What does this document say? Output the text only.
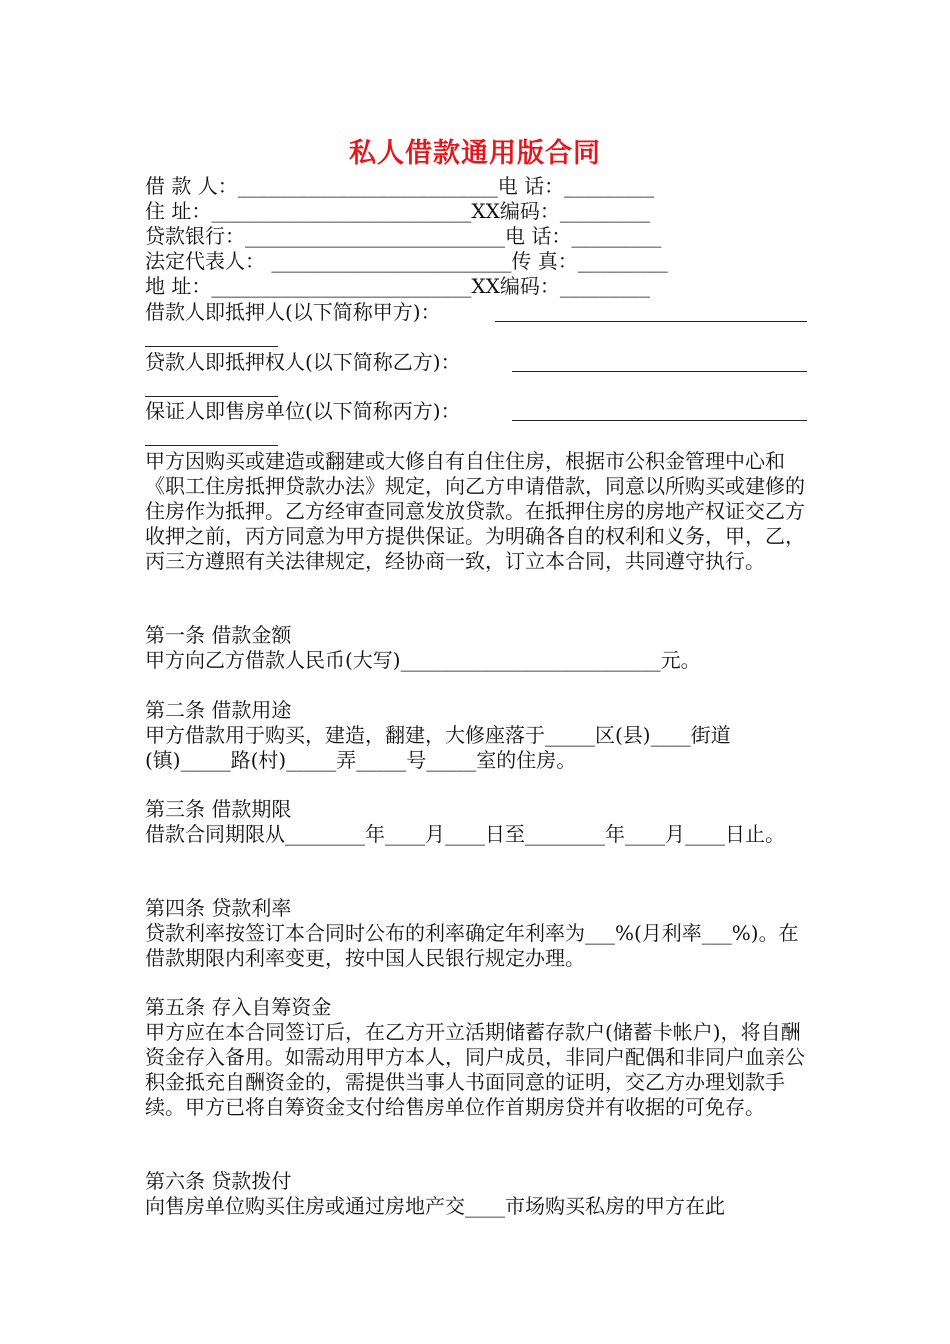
私人借款通用版合同
借 款 人：__________________________电 话：_________
住 址：__________________________XX编码：_________
贷款银行：__________________________电 话：_________
法定代表人： ________________________传 真：_________
地 址：__________________________XX编码：_________
借款人即抵押人(以下简称甲方)：
贷款人即抵押权人(以下简称乙方)：
保证人即售房单位(以下简称丙方)：

甲方因购买或建造或翻建或大修自有自住住房，根据市公积金管理中心和《职工住房抵押贷款办法》规定，向乙方申请借款，同意以所购买或建修的住房作为抵押。乙方经审查同意发放贷款。在抵押住房的房地产权证交乙方收押之前，丙方同意为甲方提供保证。为明确各自的权利和义务，甲，乙，丙三方遵照有关法律规定，经协商一致，订立本合同，共同遵守执行。

第一条 借款金额

甲方向乙方借款人民币(大写)__________________________元。

第二条 借款用途

甲方借款用于购买，建造，翻建，大修座落于_____区(县)____街道(镇)_____路(村)_____弄_____号_____室的住房。

第三条 借款期限

借款合同期限从________年____月____日至________年____月____日止。

第四条 贷款利率

贷款利率按签订本合同时公布的利率确定年利率为___%(月利率___%)。在借款期限内利率变更，按中国人民银行规定办理。

第五条 存入自筹资金

甲方应在本合同签订后，在乙方开立活期储蓄存款户(储蓄卡帐户)，将自酬资金存入备用。如需动用甲方本人，同户成员，非同户配偶和非同户血亲公积金抵充自酬资金的，需提供当事人书面同意的证明，交乙方办理划款手续。甲方已将自筹资金支付给售房单位作首期房贷并有收据的可免存。

第六条 贷款拨付

向售房单位购买住房或通过房地产交____市场购买私房的甲方在此
